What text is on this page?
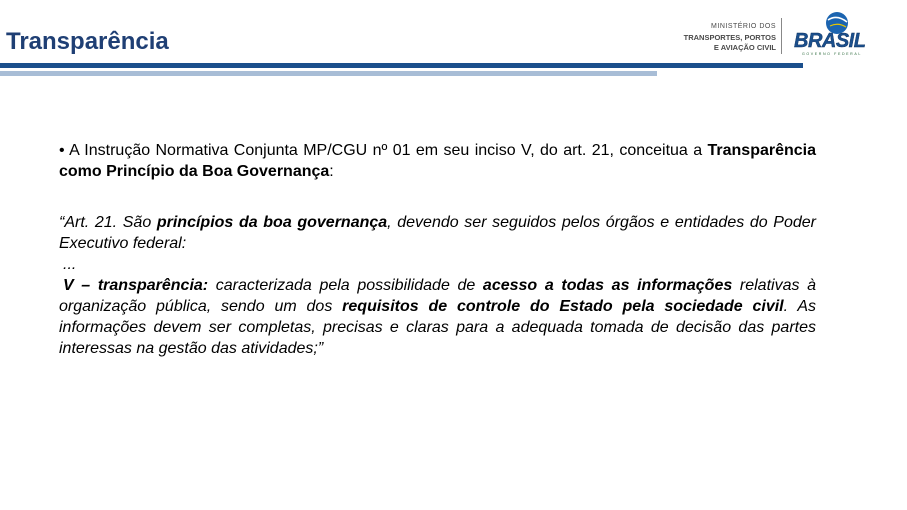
Transparência
MINISTÉRIO DOS
TRANSPORTES, PORTOS
E AVIAÇÃO CIVIL BRASIL
GOVERNO FEDERAL

• A Instrução Normativa Conjunta MP/CGU nº 01 em seu inciso V, do art. 21, conceitua a Transparência como Princípio da Boa Governança:

“Art. 21. São princípios da boa governança, devendo ser seguidos pelos órgãos e entidades do Poder Executivo federal:
...
V – transparência: caracterizada pela possibilidade de acesso a todas as informações relativas à organização pública, sendo um dos requisitos de controle do Estado pela sociedade civil. As informações devem ser completas, precisas e claras para a adequada tomada de decisão das partes interessas na gestão das atividades;”
